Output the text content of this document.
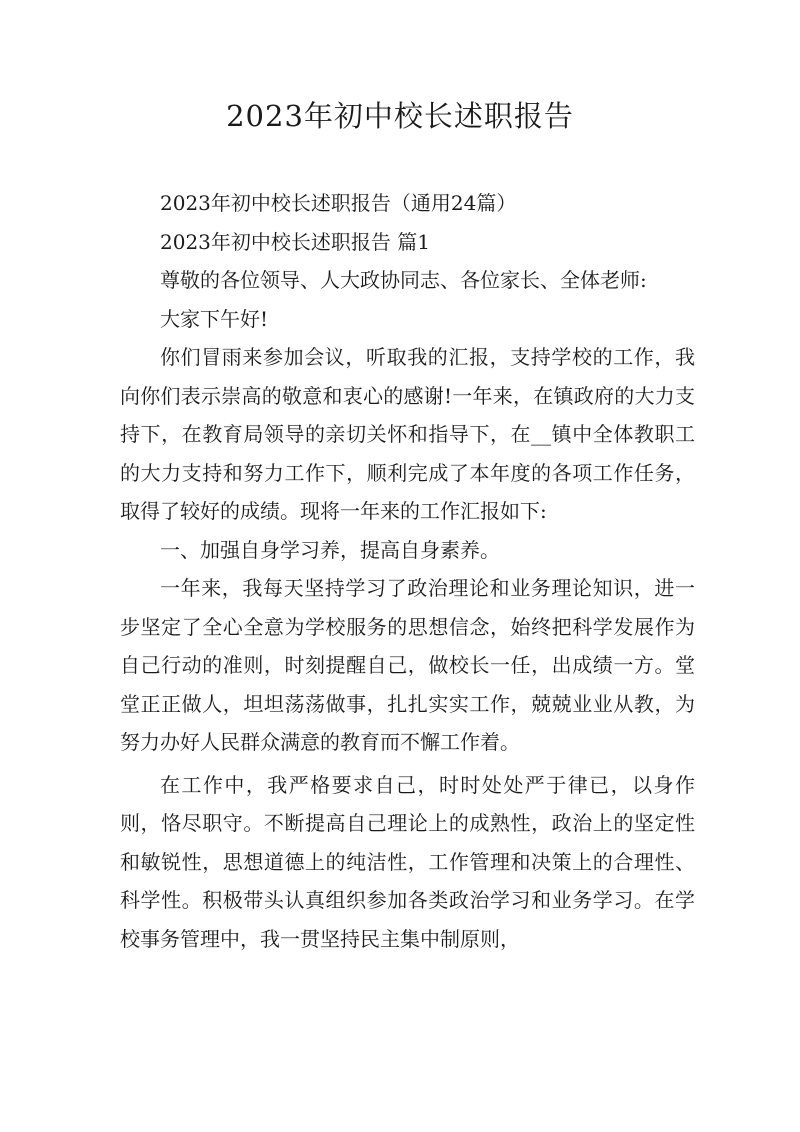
2023年初中校长述职报告

2023年初中校长述职报告（通用24篇）

2023年初中校长述职报告 篇1

尊敬的各位领导、人大政协同志、各位家长、全体老师:

大家下午好!

你们冒雨来参加会议，听取我的汇报，支持学校的工作，我向你们表示崇高的敬意和衷心的感谢!一年来，在镇政府的大力支持下，在教育局领导的亲切关怀和指导下，在__镇中全体教职工的大力支持和努力工作下，顺利完成了本年度的各项工作任务，取得了较好的成绩。现将一年来的工作汇报如下:

一、加强自身学习养，提高自身素养。

一年来，我每天坚持学习了政治理论和业务理论知识，进一步坚定了全心全意为学校服务的思想信念，始终把科学发展作为自己行动的准则，时刻提醒自己，做校长一任，出成绩一方。堂堂正正做人，坦坦荡荡做事，扎扎实实工作，兢兢业业从教，为努力办好人民群众满意的教育而不懈工作着。

在工作中，我严格要求自己，时时处处严于律已，以身作则，恪尽职守。不断提高自己理论上的成熟性，政治上的坚定性和敏锐性，思想道德上的纯洁性，工作管理和决策上的合理性、科学性。积极带头认真组织参加各类政治学习和业务学习。在学校事务管理中，我一贯坚持民主集中制原则，
